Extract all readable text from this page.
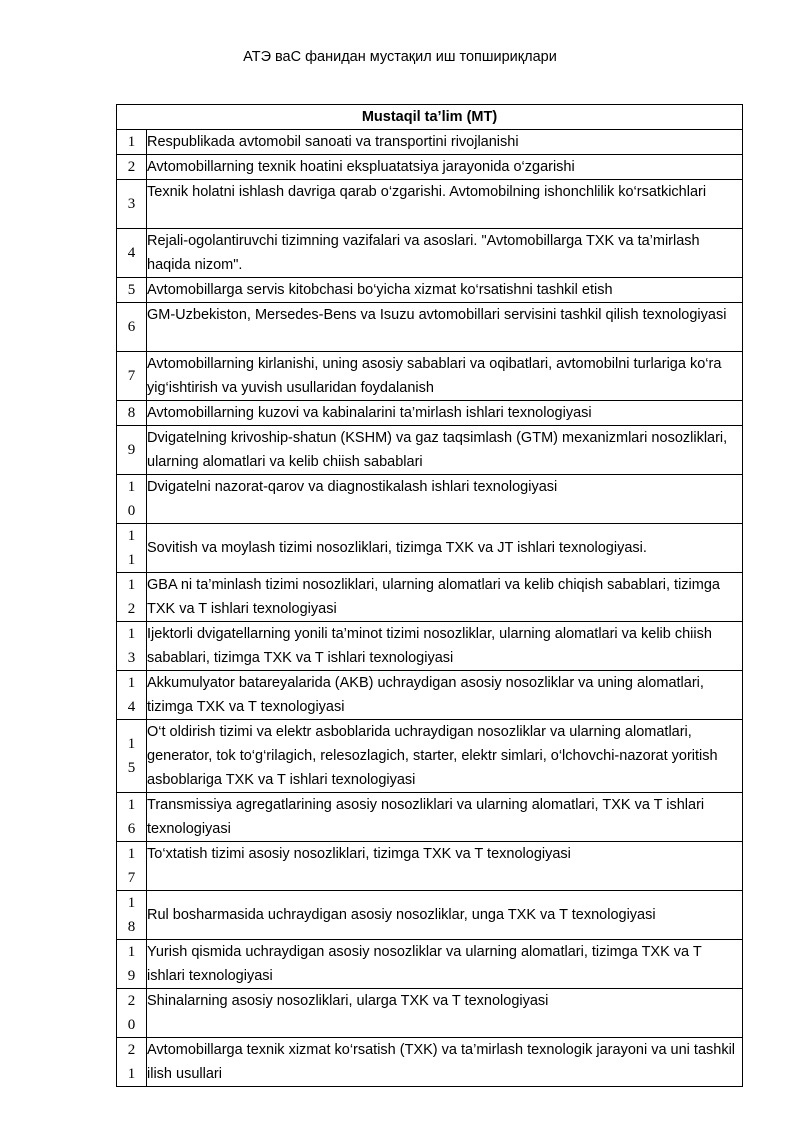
АТЭ ваС фанидан мустақил иш топшириқлари
Mustaqil ta’lim (MT)	

1	Respublikada avtomobil sanoati va transportini rivojlanishi

2	Avtomobillarning texnik hoatini ekspluatatsiya jarayonida o‘zgarishi

3	Texnik holatni ishlash davriga qarab o‘zgarishi. Avtomobilning ishonchlilik ko‘rsatkichlari

4	Rejali-ogolantiruvchi tizimning vazifalari va asoslari. "Avtomobillarga TXK va ta’mirlash haqida nizom".

5	Avtomobillarga servis kitobchasi bo‘yicha xizmat ko‘rsatishni tashkil etish

6	GM-Uzbekiston, Mersedes-Bens va Isuzu avtomobillari servisini tashkil qilish texnologiyasi

7	Avtomobillarning kirlanishi, uning asosiy sabablari va oqibatlari, avtomobilni turlariga ko‘ra yig‘ishtirish va yuvish usullaridan foydalanish

8	Avtomobillarning kuzovi va kabinalarini ta’mirlash ishlari texnologiyasi

9	Dvigatelning krivoship-shatun (KSHM) va gaz taqsimlash (GTM) mexanizmlari nosozliklari, ularning alomatlari va kelib chiish sabablari

10	Dvigatelni nazorat-qarov va diagnostikalash ishlari texnologiyasi

11	Sovitish va moylash tizimi nosozliklari, tizimga TXK va JT ishlari texnologiyasi.

12	GBA ni ta’minlash tizimi nosozliklari, ularning alomatlari va kelib chiqish sabablari, tizimga TXK va T ishlari texnologiyasi

13	Ijektorli dvigatellarning yonili ta’minot tizimi nosozliklar, ularning alomatlari va kelib chiish sabablari, tizimga TXK va T ishlari texnologiyasi

14	Akkumulyator batareyalarida (AKB) uchraydigan asosiy nosozliklar va uning alomatlari, tizimga TXK va T texnologiyasi

15	O‘t oldirish tizimi va elektr asboblarida uchraydigan nosozliklar va ularning alomatlari, generator, tok to‘g‘rilagich, relesozlagich, starter, elektr simlari, o‘lchovchi-nazorat yoritish asboblariga TXK va T ishlari texnologiyasi

16	Transmissiya agregatlarining asosiy nosozliklari va ularning alomatlari, TXK va T ishlari texnologiyasi

17	To‘xtatish tizimi asosiy nosozliklari, tizimga TXK va T texnologiyasi

18	Rul bosharmasida uchraydigan asosiy nosozliklar, unga TXK va T texnologiyasi

19	Yurish qismida uchraydigan asosiy nosozliklar va ularning alomatlari, tizimga TXK va T ishlari texnologiyasi

20	Shinalarning asosiy nosozliklari, ularga TXK va T texnologiyasi

21	Avtomobillarga texnik xizmat ko‘rsatish (TXK) va ta’mirlash texnologik jarayoni va uni tashkil ilish usullari
